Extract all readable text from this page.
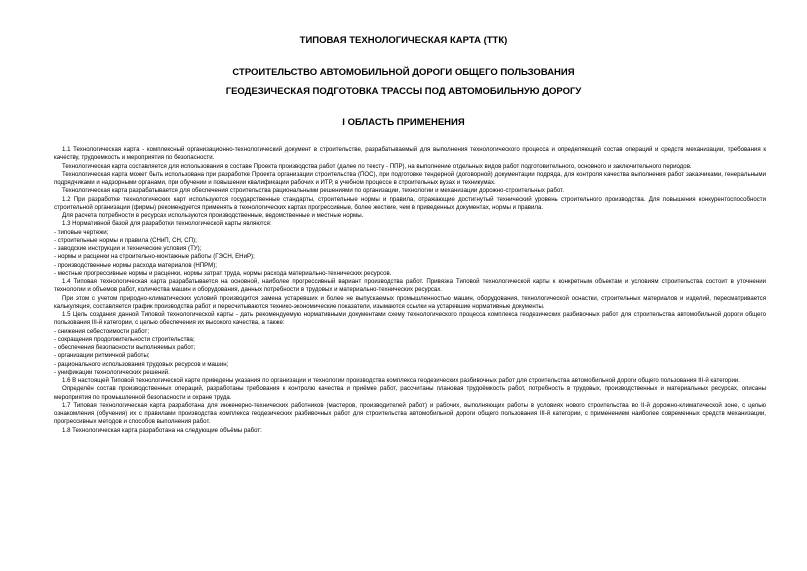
ТИПОВАЯ ТЕХНОЛОГИЧЕСКАЯ КАРТА (ТТК)
СТРОИТЕЛЬСТВО АВТОМОБИЛЬНОЙ ДОРОГИ ОБЩЕГО ПОЛЬЗОВАНИЯ
ГЕОДЕЗИЧЕСКАЯ ПОДГОТОВКА ТРАССЫ ПОД АВТОМОБИЛЬНУЮ ДОРОГУ
I ОБЛАСТЬ ПРИМЕНЕНИЯ

1.1 Технологическая карта - комплексный организационно-технологический документ в строительстве, разрабатываемый для выполнения технологического процесса и определяющий состав операций и средств механизации, требования к качеству, трудоемкость и мероприятия по безопасности.

Технологическая карта составляется для использования в составе Проекта производства работ (далее по тексту - ППР), на выполнение отдельных видов работ подготовительного, основного и заключительного периодов.

Технологическая карта может быть использована при разработке Проекта организации строительства (ПОС), при подготовке тендерной (договорной) документации подряда, для контроля качества выполнения работ заказчиками, генеральными подрядчиками и надзорными органами, при обучении и повышении квалификации рабочих и ИТР, в учебном процессе в строительных вузах и техникумах.

Технологическая карта разрабатывается для обеспечения строительства рациональными решениями по организации, технологии и механизации дорожно-строительных работ.

1.2 При разработке технологических карт используются государственные стандарты, строительные нормы и правила, отражающие достигнутый технический уровень строительного производства. Для повышения конкурентоспособности строительной организации (фирмы) рекомендуется применять в технологических картах прогрессивные, более жесткие, чем в приведенных документах, нормы и правила.

Для расчета потребности в ресурсах используются производственные, ведомственные и местные нормы.

1.3 Нормативной базой для разработки технологической карты являются:

- типовые чертежи;

- строительные нормы и правила (СНиП, СН, СП);

- заводские инструкции и технические условия (ТУ);

- нормы и расценки на строительно-монтажные работы (ГЭСН, ЕНиР);

- производственные нормы расхода материалов (НПРМ);

- местные прогрессивные нормы и расценки, нормы затрат труда, нормы расхода материально-технических ресурсов.

1.4 Типовая технологическая карта разрабатывается на основной, наиболее прогрессивный вариант производства работ. Привязка Типовой технологической карты к конкретным объектам и условиям строительства состоит в уточнении технологии и объемов работ, количества машин и оборудования, данных потребности в трудовых и материально-технических ресурсах.

При этом с учетом природно-климатических условий производится замена устаревших и более не выпускаемых промышленностью машин, оборудования, технологической оснастки, строительных материалов и изделий, пересматривается калькуляция, составляется график производства работ и пересчитываются технико-экономические показатели, изымаются ссылки на устаревшие нормативные документы.

1.5 Цель создания данной Типовой технологической карты - дать рекомендуемую нормативными документами схему технологического процесса комплекса геодезических разбивочных работ для строительства автомобильной дороги общего пользования III-й категории, с целью обеспечения их высокого качества, а также:

- снижения себестоимости работ;

- сокращения продолжительности строительства;

- обеспечения безопасности выполняемых работ;

- организации ритмичной работы;

- рационального использования трудовых ресурсов и машин;

- унификации технологических решений.

1.6 В настоящей Типовой технологической карте приведены указания по организации и технологии производства комплекса геодезических разбивочных работ для строительства автомобильной дороги общего пользования III-й категории.

Определён состав производственных операций, разработаны требования к контролю качества и приёмке работ, рассчитаны плановая трудоёмкость работ, потребность в трудовых, производственных и материальных ресурсах, описаны мероприятия по промышленной безопасности и охране труда.

1.7 Типовая технологическая карта разработана для инженерно-технических работников (мастеров, производителей работ) и рабочих, выполняющих работы в условиях нового строительства во II-й дорожно-климатической зоне, с целью ознакомления (обучения) их с правилами производства комплекса геодезических разбивочных работ для строительства автомобильной дороги общего пользования III-й категории, с применением наиболее современных средств механизации, прогрессивных методов и способов выполнения работ.

1.8 Технологическая карта разработана на следующие объёмы работ:
